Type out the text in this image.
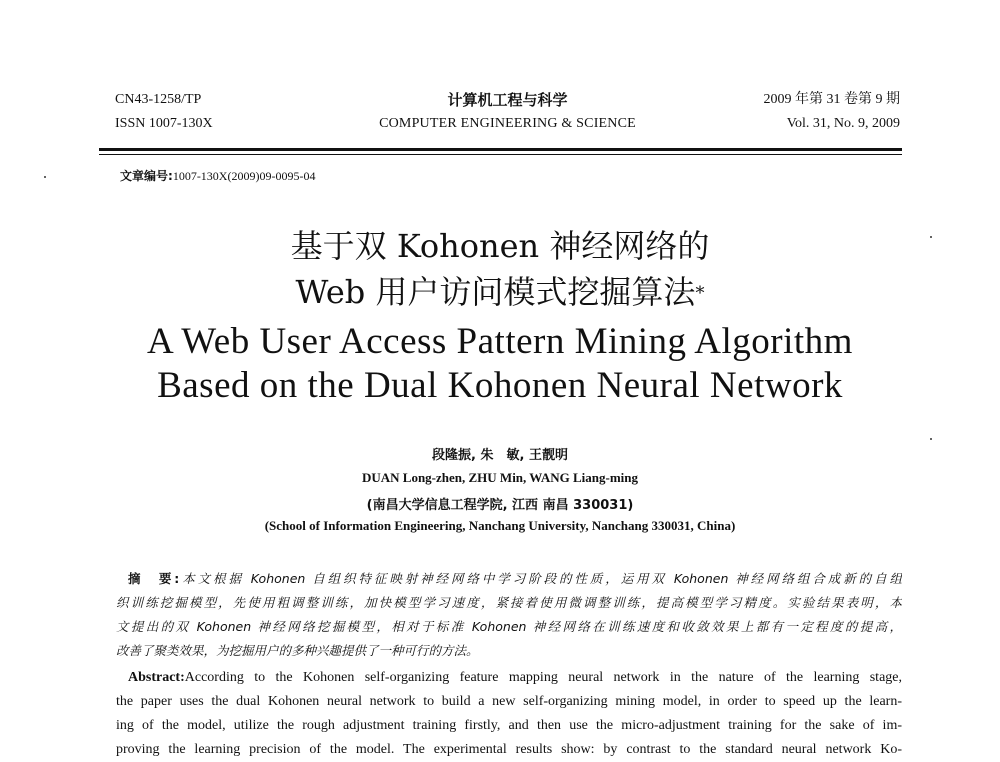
CN43-1258/TP
ISSN 1007-130X
计算机工程与科学
COMPUTER ENGINEERING & SCIENCE
2009 年第 31 卷第 9 期
Vol. 31, No. 9, 2009
文章编号:1007-130X(2009)09-0095-04
基于双 Kohonen 神经网络的
Web 用户访问模式挖掘算法*
A Web User Access Pattern Mining Algorithm
Based on the Dual Kohonen Neural Network
段隆振, 朱　敏, 王靓明
DUAN Long-zhen, ZHU Min, WANG Liang-ming
(南昌大学信息工程学院, 江西 南昌 330031)
(School of Information Engineering, Nanchang University, Nanchang 330031, China)
摘　要:本文根据 Kohonen 自组织特征映射神经网络中学习阶段的性质，运用双 Kohonen 神经网络组合成新的自组
织训练挖掘模型，先使用粗调整训练，加快模型学习速度，紧接着使用微调整训练，提高模型学习精度。实验结果表明，本
文提出的双 Kohonen 神经网络挖掘模型，相对于标准 Kohonen 神经网络在训练速度和收敛效果上都有一定程度的提高，
改善了聚类效果，为挖掘用户的多种兴趣提供了一种可行的方法。
Abstract:According to the Kohonen self-organizing feature mapping neural network in the nature of the learning stage,
the paper uses the dual Kohonen neural network to build a new self-organizing mining model, in order to speed up the learn-
ing of the model, utilize the rough adjustment training firstly, and then use the micro-adjustment training for the sake of im-
proving the learning precision of the model. The experimental results show: by contrast to the standard neural network Ko-
